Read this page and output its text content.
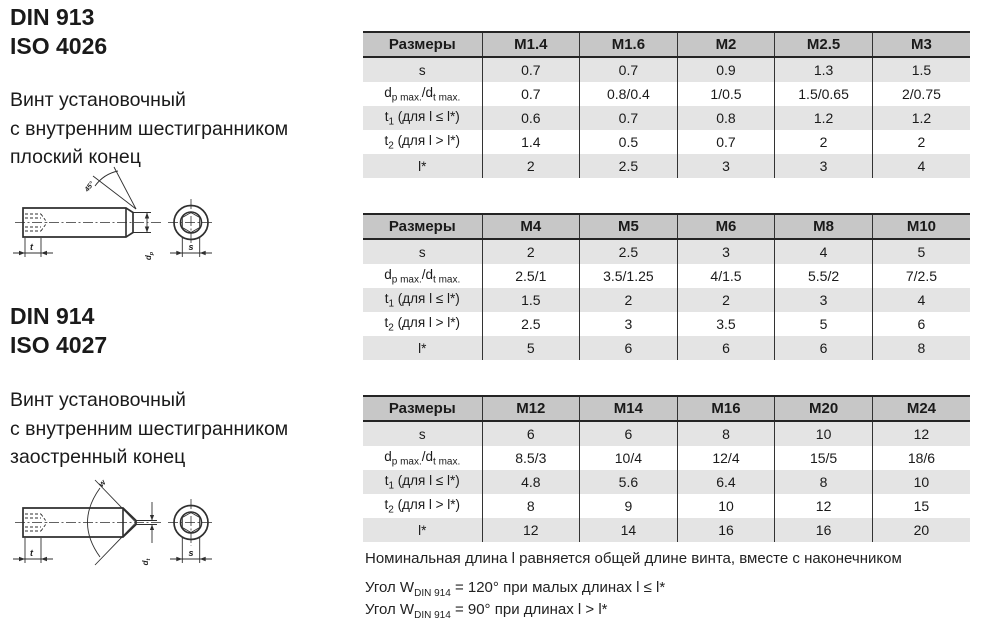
DIN 913
ISO 4026
Винт установочный
с внутренним шестигранником
плоский конец
45°
t
$d_p$
s
DIN 914
ISO 4027
Винт установочный
с внутренним шестигранником
заостренный конец
w
t
$d_t$
s
Размеры	M1.4	M1.6	M2	M2.5	M3
s	0.7	0.7	0.9	1.3	1.5
$d_{p max.}/d_{t max.}$	0.7	0.8/0.4	1/0.5	1.5/0.65	2/0.75
$t_1$ (для l ≤ l*)	0.6	0.7	0.8	1.2	1.2
$t_2$ (для l > l*)	1.4	0.5	0.7	2	2
l*	2	2.5	3	3	4
Размеры	M4	M5	M6	M8	M10
s	2	2.5	3	4	5
$d_{p max.}/d_{t max.}$	2.5/1	3.5/1.25	4/1.5	5.5/2	7/2.5
$t_1$ (для l ≤ l*)	1.5	2	2	3	4
$t_2$ (для l > l*)	2.5	3	3.5	5	6
l*	5	6	6	6	8
Размеры	M12	M14	M16	M20	M24
s	6	6	8	10	12
$d_{p max.}/d_{t max.}$	8.5/3	10/4	12/4	15/5	18/6
$t_1$ (для l ≤ l*)	4.8	5.6	6.4	8	10
$t_2$ (для l > l*)	8	9	10	12	15
l*	12	14	16	16	20
Номинальная длина l равняется общей длине винта, вместе с наконечником
Угол $W_{DIN 914} = 120^\circ$ при малых длинах l ≤ l*
Угол $W_{DIN 914} = 90^\circ$ при длинах l > l*
